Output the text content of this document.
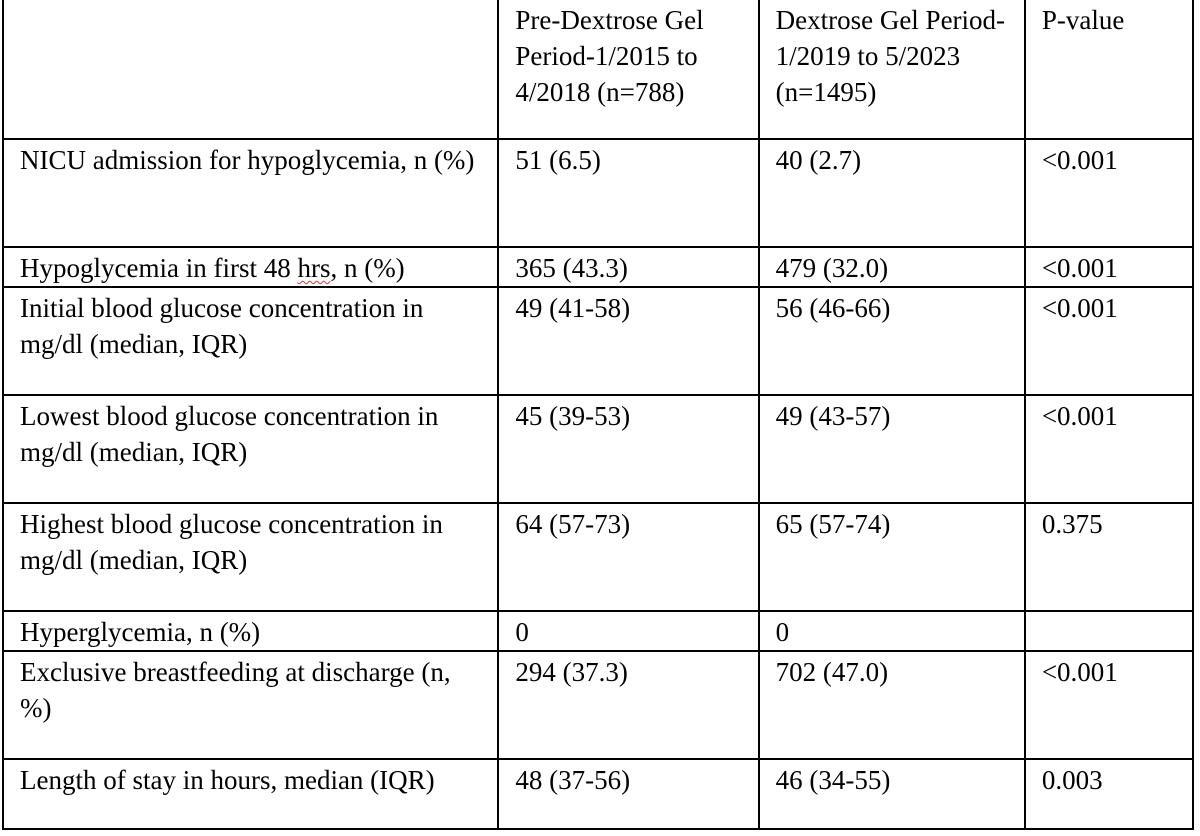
	Pre-Dextrose Gel Period-1/2015 to 4/2018 (n=788)	Dextrose Gel Period- 1/2019 to 5/2023 (n=1495)	P-value
NICU admission for hypoglycemia, n (%)	51 (6.5)	40 (2.7)	<0.001
Hypoglycemia in first 48 hrs, n (%)	365 (43.3)	479 (32.0)	<0.001
Initial blood glucose concentration in mg/dl (median, IQR)	49 (41-58)	56 (46-66)	<0.001
Lowest blood glucose concentration in mg/dl (median, IQR)	45 (39-53)	49 (43-57)	<0.001
Highest blood glucose concentration in mg/dl (median, IQR)	64 (57-73)	65 (57-74)	0.375
Hyperglycemia, n (%)	0	0	
Exclusive breastfeeding at discharge (n, %)	294 (37.3)	702 (47.0)	<0.001
Length of stay in hours, median (IQR)	48 (37-56)	46 (34-55)	0.003
